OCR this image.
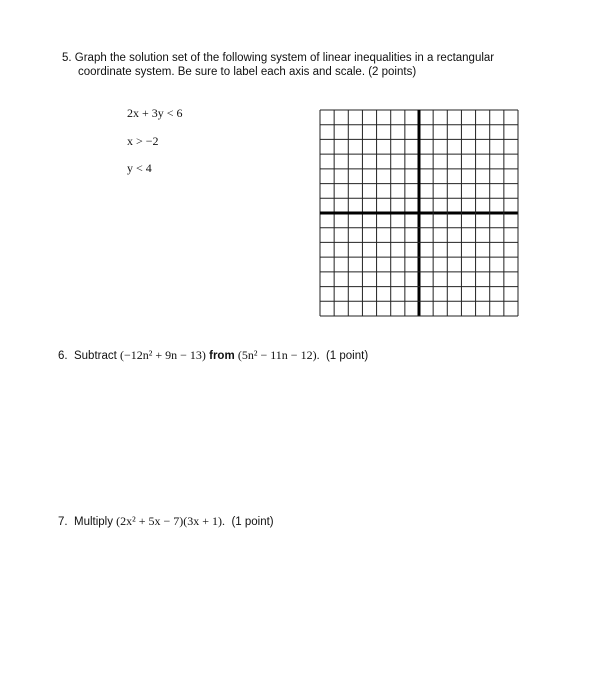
5. Graph the solution set of the following system of linear inequalities in a rectangular
coordinate system. Be sure to label each axis and scale. (2 points)
2x + 3y < 6
x > −2
y < 4
6. Subtract (−12n² + 9n − 13) from (5n² − 11n − 12). (1 point)
7. Multiply (2x² + 5x − 7)(3x + 1). (1 point)
